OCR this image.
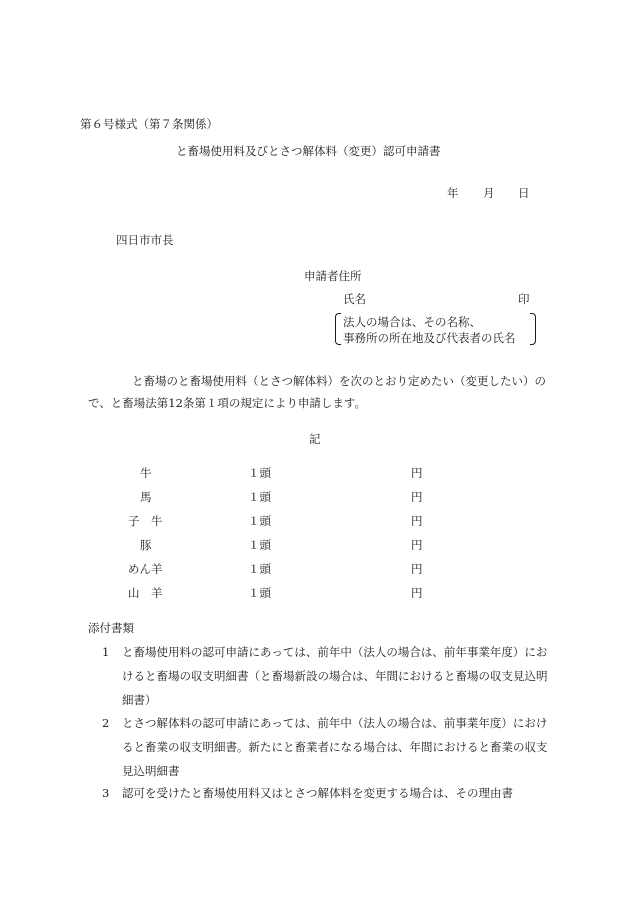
第６号様式（第７条関係）
と畜場使用料及びとさつ解体料（変更）認可申請書
年 月 日
四日市市長
申請者住所
氏名	印
法人の場合は、その名称、
事務所の所在地及び代表者の氏名
と畜場のと畜場使用料（とさつ解体料）を次のとおり定めたい（変更したい）ので、と畜場法第12条第１項の規定により申請します。
記
牛	１頭	円
馬	１頭	円
子　牛	１頭	円
豚	１頭	円
めん羊	１頭	円
山　羊	１頭	円
添付書類
1 と畜場使用料の認可申請にあっては、前年中（法人の場合は、前年事業年度）におけると畜場の収支明細書（と畜場新設の場合は、年間におけると畜場の収支見込明細書）
2 とさつ解体料の認可申請にあっては、前年中（法人の場合は、前事業年度）におけると畜業の収支明細書。新たにと畜業者になる場合は、年間におけると畜業の収支見込明細書
3 認可を受けたと畜場使用料又はとさつ解体料を変更する場合は、その理由書
